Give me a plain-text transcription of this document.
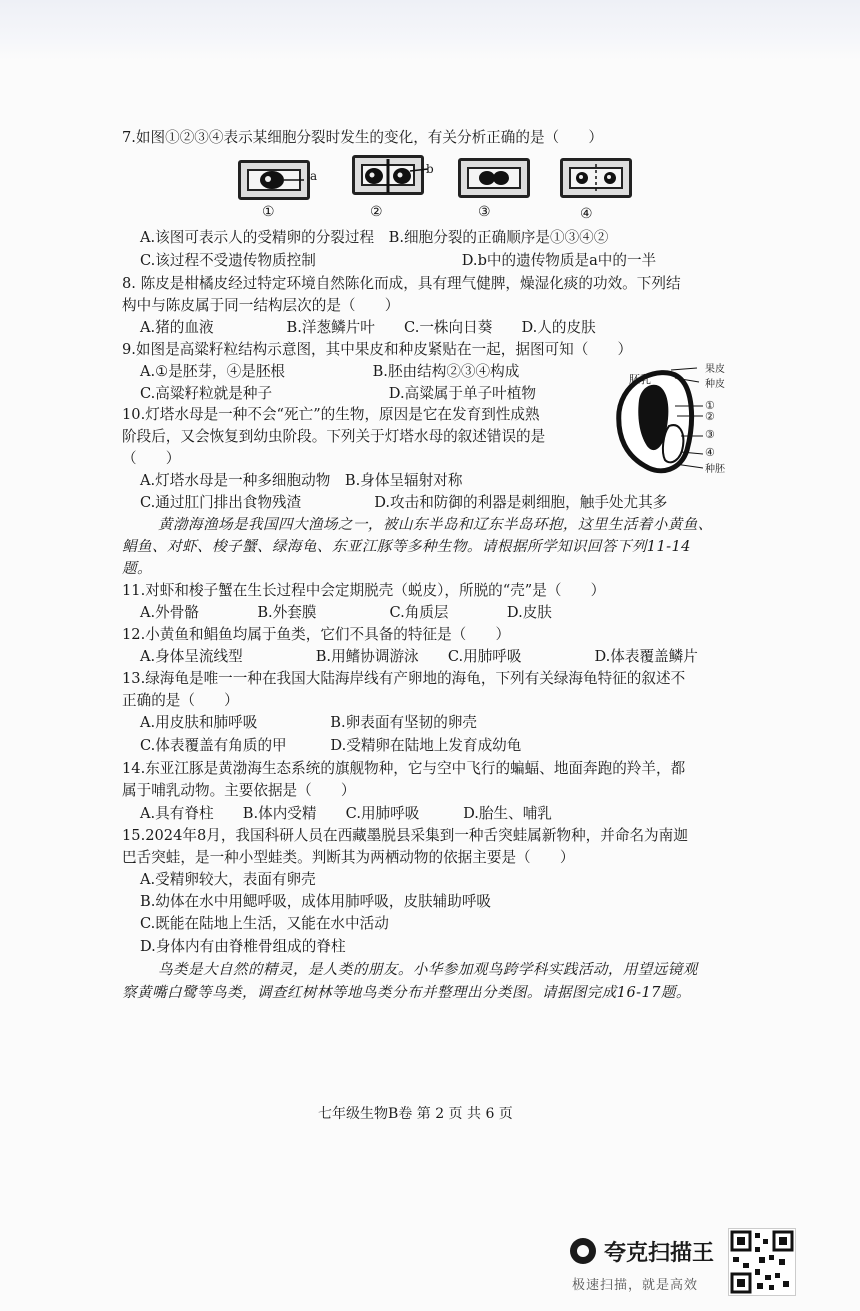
7.如图①②③④表示某细胞分裂时发生的变化，有关分析正确的是（　　）
a	b
①	②	③	④
A.该图可表示人的受精卵的分裂过程　B.细胞分裂的正确顺序是①③④②
C.该过程不受遗传物质控制　　　　　　　　　　D.b中的遗传物质是a中的一半
8. 陈皮是柑橘皮经过特定环境自然陈化而成，具有理气健脾，燥湿化痰的功效。下列结
构中与陈皮属于同一结构层次的是（　　）
A.猪的血液　　　　　B.洋葱鳞片叶　　C.一株向日葵　　D.人的皮肤
9.如图是高粱籽粒结构示意图，其中果皮和种皮紧贴在一起，据图可知（　　）
A.①是胚芽，④是胚根　　　　　　B.胚由结构②③④构成
C.高粱籽粒就是种子　　　　　　　　D.高粱属于单子叶植物
胚乳
果皮
种皮
①
②
③
④
种胚
10.灯塔水母是一种不会“死亡”的生物，原因是它在发育到性成熟
阶段后，又会恢复到幼虫阶段。下列关于灯塔水母的叙述错误的是
（　　）
A.灯塔水母是一种多细胞动物　B.身体呈辐射对称
C.通过肛门排出食物残渣　　　　　D.攻击和防御的利器是刺细胞，触手处尤其多
黄渤海渔场是我国四大渔场之一，被山东半岛和辽东半岛环抱，这里生活着小黄鱼、
鲳鱼、对虾、梭子蟹、绿海龟、东亚江豚等多种生物。请根据所学知识回答下列11-14
题。
11.对虾和梭子蟹在生长过程中会定期脱壳（蜕皮），所脱的“壳”是（　　）
A.外骨骼　　　　B.外套膜　　　　　C.角质层　　　　D.皮肤
12.小黄鱼和鲳鱼均属于鱼类，它们不具备的特征是（　　）
A.身体呈流线型　　　　　B.用鳍协调游泳　　C.用肺呼吸　　　　　D.体表覆盖鳞片
13.绿海龟是唯一一种在我国大陆海岸线有产卵地的海龟，下列有关绿海龟特征的叙述不
正确的是（　　）
A.用皮肤和肺呼吸　　　　　B.卵表面有坚韧的卵壳
C.体表覆盖有角质的甲　　　D.受精卵在陆地上发育成幼龟
14.东亚江豚是黄渤海生态系统的旗舰物种，它与空中飞行的蝙蝠、地面奔跑的羚羊，都
属于哺乳动物。主要依据是（　　）
A.具有脊柱　　B.体内受精　　C.用肺呼吸　　　D.胎生、哺乳
15.2024年8月，我国科研人员在西藏墨脱县采集到一种舌突蛙属新物种，并命名为南迦
巴舌突蛙，是一种小型蛙类。判断其为两栖动物的依据主要是（　　）
A.受精卵较大，表面有卵壳
B.幼体在水中用鳃呼吸，成体用肺呼吸，皮肤辅助呼吸
C.既能在陆地上生活，又能在水中活动
D.身体内有由脊椎骨组成的脊柱
鸟类是大自然的精灵，是人类的朋友。小华参加观鸟跨学科实践活动，用望远镜观
察黄嘴白鹭等鸟类，调查红树林等地鸟类分布并整理出分类图。请据图完成16-17题。
七年级生物B卷 第 2 页 共 6 页
夸克扫描王
极速扫描，就是高效
